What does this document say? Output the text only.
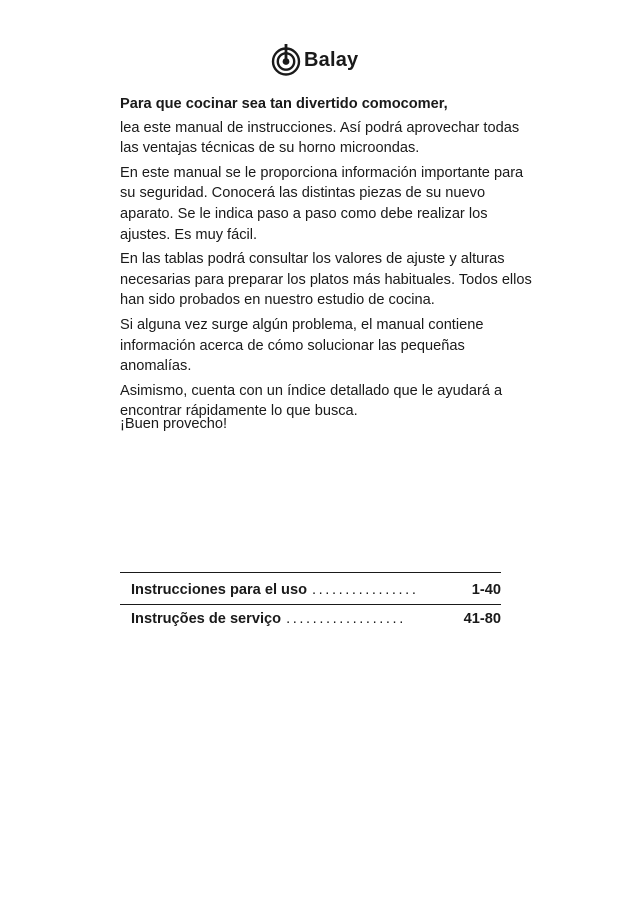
Balay

Para que cocinar sea tan divertido comocomer,

lea este manual de instrucciones. Así podrá aprovechar todas las ventajas técnicas de su horno microondas.

En este manual se le proporciona información importante para su seguridad. Conocerá las distintas piezas de su nuevo aparato. Se le indica paso a paso como debe realizar los ajustes. Es muy fácil.

En las tablas podrá consultar los valores de ajuste y alturas necesarias para preparar los platos más habituales. Todos ellos han sido probados en nuestro estudio de cocina.

Si alguna vez surge algún problema, el manual contiene información acerca de cómo solucionar las pequeñas anomalías.

Asimismo, cuenta con un índice detallado que le ayudará a encontrar rápidamente lo que busca.

¡Buen provecho!
Instrucciones para el uso ................	1-40
Instruções de serviço ..................	41-80
